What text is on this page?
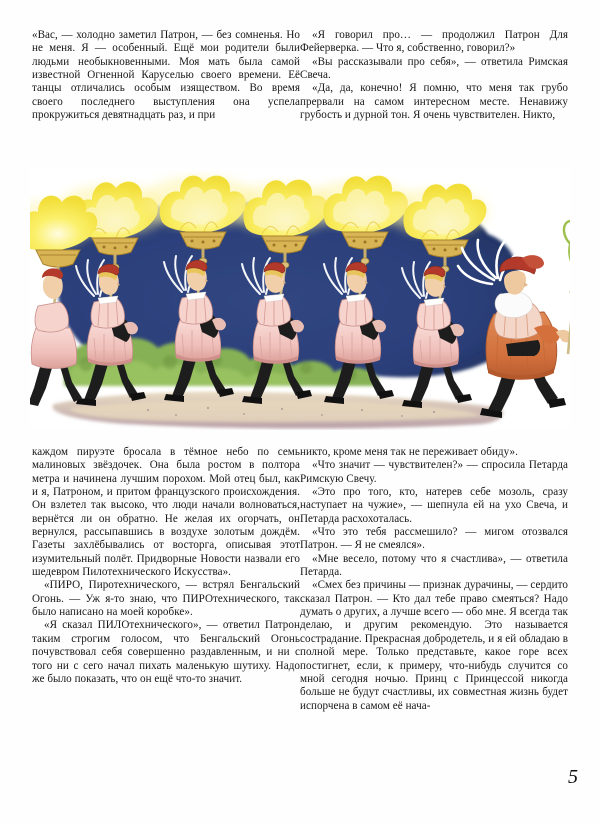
«Вас, — холодно заметил Патрон, — без сомненья. Но не меня. Я — особенный. Ещё мои родители были людьми необыкновенными. Моя мать была самой известной Огненной Каруселью своего времени. Её танцы отличались особым изяществом. Во время своего последнего выступления она успела прокружиться девятнадцать раз, и при

«Я говорил про… — продолжил Патрон Для Фейерверка. — Что я, собственно, говорил?»

«Вы рассказывали про себя», — ответила Римская Свеча.

«Да, да, конечно! Я помню, что меня так грубо прервали на самом интересном месте. Ненавижу грубость и дурной тон. Я очень чувствителен. Никто,

каждом пируэте бросала в тёмное небо по семь малиновых звёздочек. Она была ростом в полтора метра и начинена лучшим порохом. Мой отец был, как и я, Патроном, и притом французского происхождения. Он взлетел так высоко, что люди начали волноваться, вернётся ли он обратно. Не желая их огорчать, он вернулся, рассыпавшись в воздухе золотым дождём. Газеты захлёбывались от восторга, описывая этот изумительный полёт. Придворные Новости назвали его шедевром Пилотехнического Искусства».

«ПИРО, Пиротехнического, — встрял Бенгальский Огонь. — Уж я-то знаю, что ПИРОтехнического, так было написано на моей коробке».

«Я сказал ПИЛОтехнического», — ответил Патрон таким строгим голосом, что Бенгальский Огонь почувствовал себя совершенно раздавленным, и ни с того ни с сего начал пихать маленькую шутиху. Надо же было показать, что он ещё что-то значит.

никто, кроме меня так не переживает обиду».

«Что значит — чувствителен?» — спросила Петарда Римскую Свечу.

«Это про того, кто, натерев себе мозоль, сразу наступает на чужие», — шепнула ей на ухо Свеча, и Петарда расхохоталась.

«Что это тебя рассмешило? — мигом отозвался Патрон. — Я не смеялся».

«Мне весело, потому что я счастлива», — ответила Петарда.

«Смех без причины — признак дурачины, — сердито сказал Патрон. — Кто дал тебе право смеяться? Надо думать о других, а лучше всего — обо мне. Я всегда так делаю, и другим рекомендую. Это называется сострадание. Прекрасная добродетель, и я ей обладаю в полной мере. Только представьте, какое горе всех постигнет, если, к примеру, что-нибудь случится со мной сегодня ночью. Принц с Принцессой никогда больше не будут счастливы, их совместная жизнь будет испорчена в самом её нача-

5
